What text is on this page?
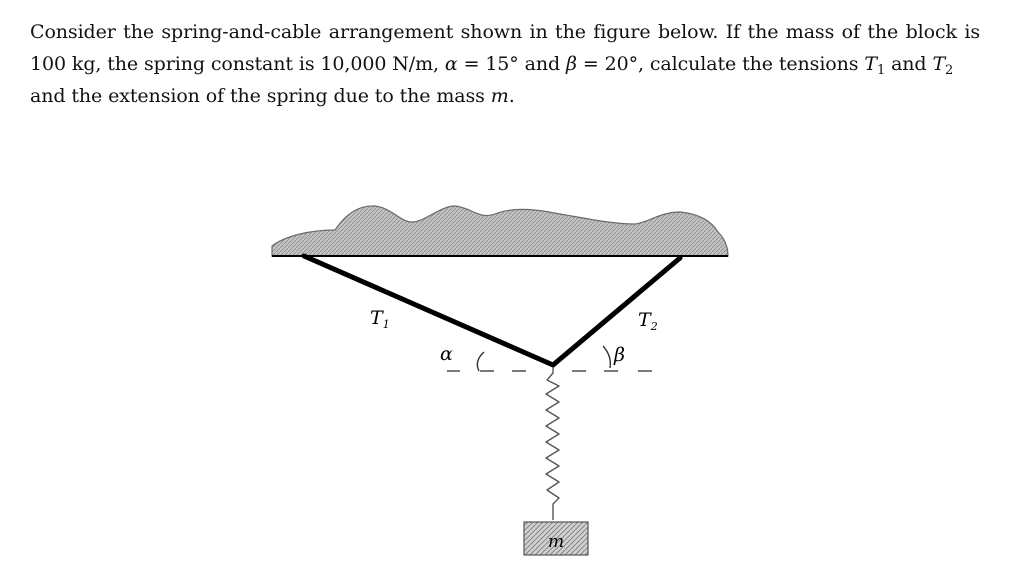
Consider the spring-and-cable arrangement shown in the figure below. If the mass of the block is
100 kg, the spring constant is 10,000 N/m, α = 15° and β = 20°, calculate the tensions $T_1$ and $T_2$
and the extension of the spring due to the mass m.
$T_1$	$T_2$
α	β
m
